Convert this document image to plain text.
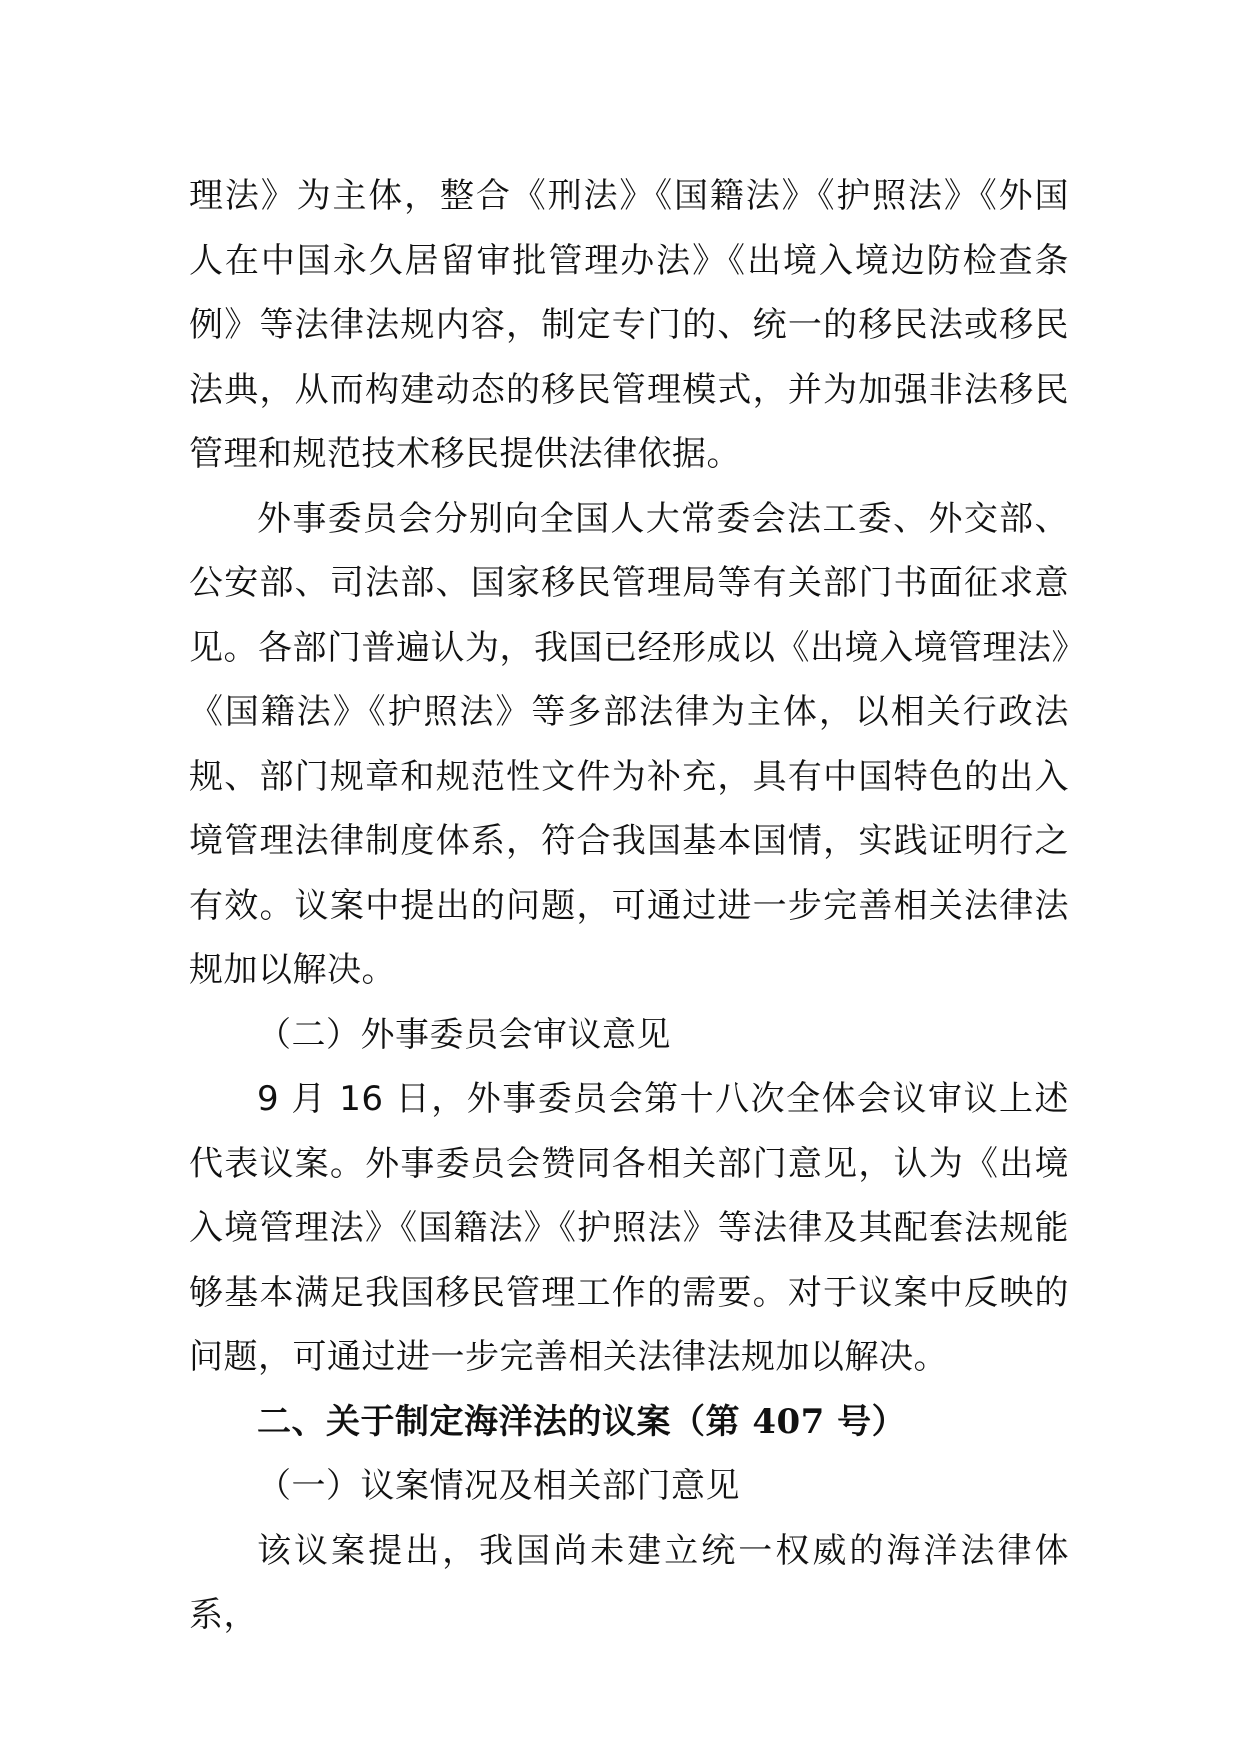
理法》为主体，整合《刑法》《国籍法》《护照法》《外国人在中国永久居留审批管理办法》《出境入境边防检查条例》等法律法规内容，制定专门的、统一的移民法或移民法典，从而构建动态的移民管理模式，并为加强非法移民管理和规范技术移民提供法律依据。

外事委员会分别向全国人大常委会法工委、外交部、公安部、司法部、国家移民管理局等有关部门书面征求意见。各部门普遍认为，我国已经形成以《出境入境管理法》《国籍法》《护照法》等多部法律为主体，以相关行政法规、部门规章和规范性文件为补充，具有中国特色的出入境管理法律制度体系，符合我国基本国情，实践证明行之有效。议案中提出的问题，可通过进一步完善相关法律法规加以解决。

（二）外事委员会审议意见

9 月 16 日，外事委员会第十八次全体会议审议上述代表议案。外事委员会赞同各相关部门意见，认为《出境入境管理法》《国籍法》《护照法》等法律及其配套法规能够基本满足我国移民管理工作的需要。对于议案中反映的问题，可通过进一步完善相关法律法规加以解决。

二、关于制定海洋法的议案（第 407 号）

（一）议案情况及相关部门意见

该议案提出，我国尚未建立统一权威的海洋法律体系，
